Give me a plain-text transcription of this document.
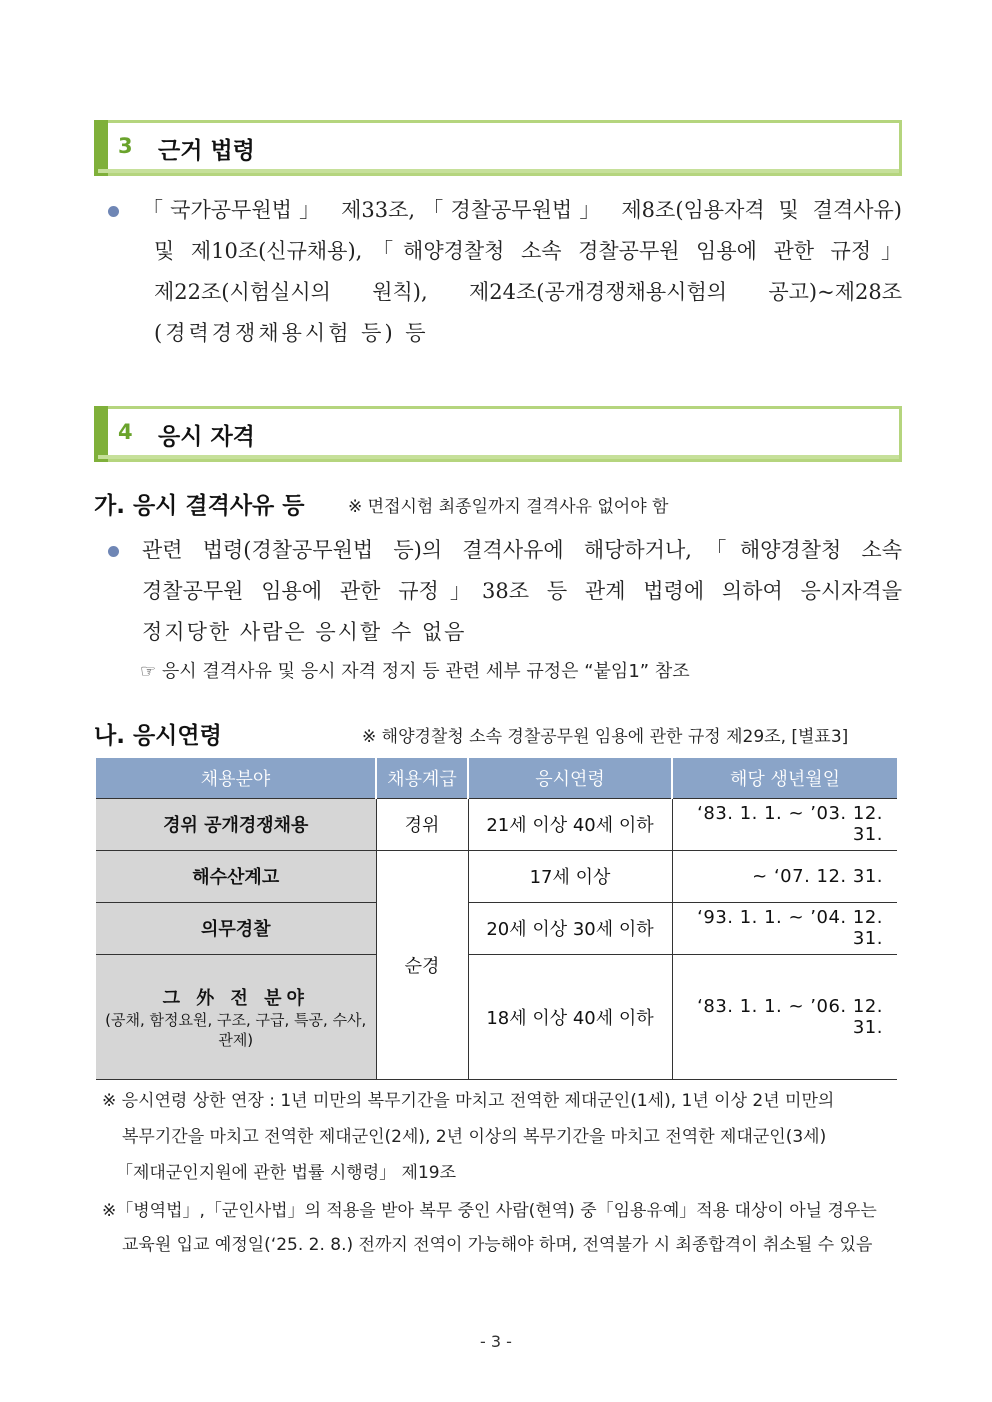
3 근거 법령
「국가공무원법」 제33조,「경찰공무원법」 제8조(임용자격 및 결격사유)
및 제10조(신규채용),「해양경찰청 소속 경찰공무원 임용에 관한 규정」
제22조(시험실시의 원칙), 제24조(공개경쟁채용시험의 공고)~제28조
(경력경쟁채용시험 등) 등
4 응시 자격
가. 응시 결격사유 등	※ 면접시험 최종일까지 결격사유 없어야 함
관련 법령(경찰공무원법 등)의 결격사유에 해당하거나,「해양경찰청 소속
경찰공무원 임용에 관한 규정」38조 등 관계 법령에 의하여 응시자격을
정지당한 사람은 응시할 수 없음
☞ 응시 결격사유 및 응시 자격 정지 등 관련 세부 규정은 “붙임1” 참조
나. 응시연령	※ 해양경찰청 소속 경찰공무원 임용에 관한 규정 제29조, [별표3]
채용분야	채용계급	응시연령	해당 생년월일
경위 공개경쟁채용	경위	21세 이상 40세 이하	‘83. 1. 1. ~ ’03. 12. 31.
해수산계고	순경	17세 이상	~ ‘07. 12. 31.
의무경찰		20세 이상 30세 이하	‘93. 1. 1. ~ ’04. 12. 31.
그 外 전 분야
(공채, 함정요원, 구조, 구급, 특공, 수사, 관제)		18세 이상 40세 이하	‘83. 1. 1. ~ ’06. 12. 31.
※ 응시연령 상한 연장 : 1년 미만의 복무기간을 마치고 전역한 제대군인(1세), 1년 이상 2년 미만의
복무기간을 마치고 전역한 제대군인(2세), 2년 이상의 복무기간을 마치고 전역한 제대군인(3세)
「제대군인지원에 관한 법률 시행령」 제19조
※「병역법」,「군인사법」의 적용을 받아 복무 중인 사람(현역) 중「임용유예」적용 대상이 아닐 경우는
교육원 입교 예정일(‘25. 2. 8.) 전까지 전역이 가능해야 하며, 전역불가 시 최종합격이 취소될 수 있음
- 3 -
